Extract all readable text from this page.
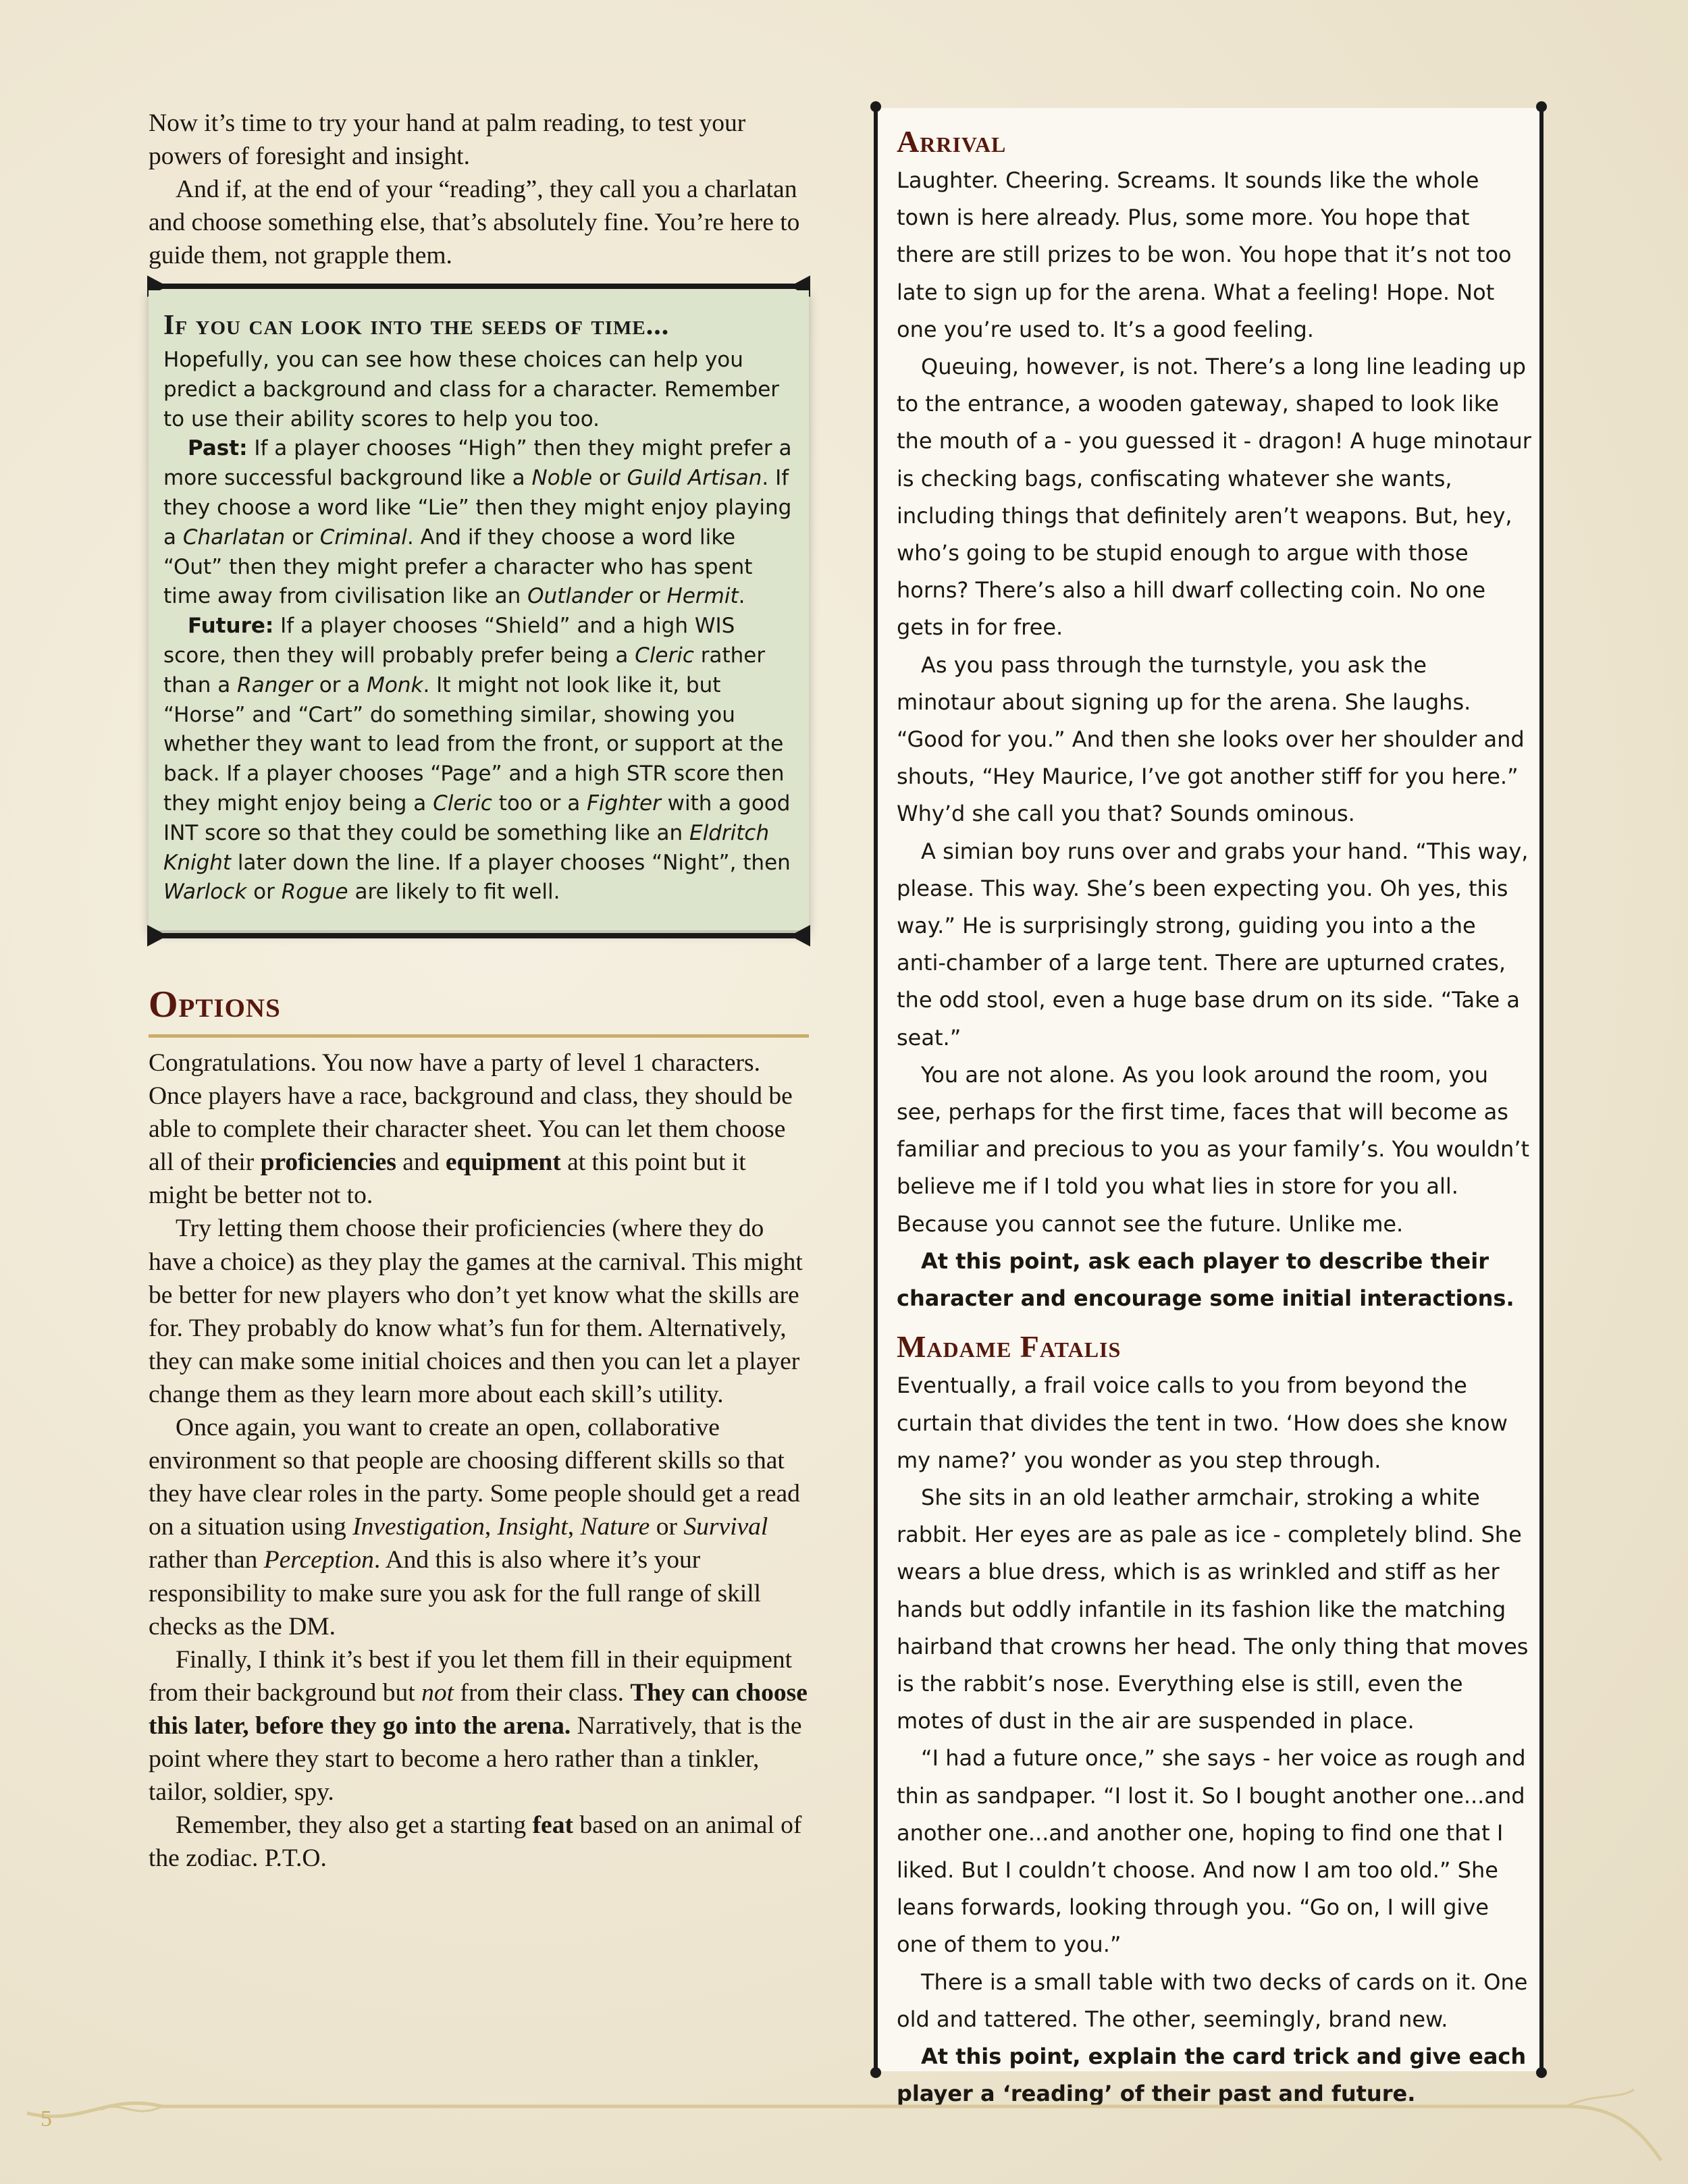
Now it’s time to try your hand at palm reading, to test your powers of foresight and insight.

And if, at the end of your “reading”, they call you a charlatan and choose something else, that’s absolutely fine. You’re here to guide them, not grapple them.

If you can look into the seeds of time...

Hopefully, you can see how these choices can help you predict a background and class for a character. Remember to use their ability scores to help you too.

Past: If a player chooses “High” then they might prefer a more successful background like a Noble or Guild Artisan. If they choose a word like “Lie” then they might enjoy playing a Charlatan or Criminal. And if they choose a word like “Out” then they might prefer a character who has spent time away from civilisation like an Outlander or Hermit.

Future: If a player chooses “Shield” and a high WIS score, then they will probably prefer being a Cleric rather than a Ranger or a Monk. It might not look like it, but “Horse” and “Cart” do something similar, showing you whether they want to lead from the front, or support at the back. If a player chooses “Page” and a high STR score then they might enjoy being a Cleric too or a Fighter with a good INT score so that they could be something like an Eldritch Knight later down the line. If a player chooses “Night”, then Warlock or Rogue are likely to fit well.

Options

Congratulations. You now have a party of level 1 characters. Once players have a race, background and class, they should be able to complete their character sheet. You can let them choose all of their proficiencies and equipment at this point but it might be better not to.

Try letting them choose their proficiencies (where they do have a choice) as they play the games at the carnival. This might be better for new players who don’t yet know what the skills are for. They probably do know what’s fun for them. Alternatively, they can make some initial choices and then you can let a player change them as they learn more about each skill’s utility.

Once again, you want to create an open, collaborative environment so that people are choosing different skills so that they have clear roles in the party. Some people should get a read on a situation using Investigation, Insight, Nature or Survival rather than Perception. And this is also where it’s your responsibility to make sure you ask for the full range of skill checks as the DM.

Finally, I think it’s best if you let them fill in their equipment from their background but not from their class. They can choose this later, before they go into the arena. Narratively, that is the point where they start to become a hero rather than a tinkler, tailor, soldier, spy.

Remember, they also get a starting feat based on an animal of the zodiac. P.T.O.

Arrival

Laughter. Cheering. Screams. It sounds like the whole town is here already. Plus, some more. You hope that there are still prizes to be won. You hope that it’s not too late to sign up for the arena. What a feeling! Hope. Not one you’re used to. It’s a good feeling.

Queuing, however, is not. There’s a long line leading up to the entrance, a wooden gateway, shaped to look like the mouth of a - you guessed it - dragon! A huge minotaur is checking bags, confiscating whatever she wants, including things that definitely aren’t weapons. But, hey, who’s going to be stupid enough to argue with those horns? There’s also a hill dwarf collecting coin. No one gets in for free.

As you pass through the turnstyle, you ask the minotaur about signing up for the arena. She laughs. “Good for you.” And then she looks over her shoulder and shouts, “Hey Maurice, I’ve got another stiff for you here.” Why’d she call you that? Sounds ominous.

A simian boy runs over and grabs your hand. “This way, please. This way. She’s been expecting you. Oh yes, this way.” He is surprisingly strong, guiding you into a the anti-chamber of a large tent. There are upturned crates, the odd stool, even a huge base drum on its side. “Take a seat.”

You are not alone. As you look around the room, you see, perhaps for the first time, faces that will become as familiar and precious to you as your family’s. You wouldn’t believe me if I told you what lies in store for you all. Because you cannot see the future. Unlike me.

At this point, ask each player to describe their character and encourage some initial interactions.

Madame Fatalis

Eventually, a frail voice calls to you from beyond the curtain that divides the tent in two. ‘How does she know my name?’ you wonder as you step through.

She sits in an old leather armchair, stroking a white rabbit. Her eyes are as pale as ice - completely blind. She wears a blue dress, which is as wrinkled and stiff as her hands but oddly infantile in its fashion like the matching hairband that crowns her head. The only thing that moves is the rabbit’s nose. Everything else is still, even the motes of dust in the air are suspended in place.

“I had a future once,” she says - her voice as rough and thin as sandpaper. “I lost it. So I bought another one...and another one...and another one, hoping to find one that I liked. But I couldn’t choose. And now I am too old.” She leans forwards, looking through you. “Go on, I will give one of them to you.”

There is a small table with two decks of cards on it. One old and tattered. The other, seemingly, brand new.

At this point, explain the card trick and give each player a ‘reading’ of their past and future.

5
